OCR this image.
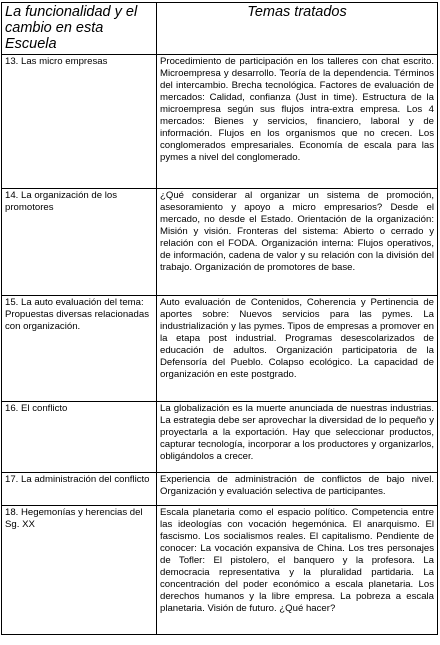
La funcionalidad y el cambio en esta Escuela	Temas tratados
13. Las micro empresas	Procedimiento de participación en los talleres con chat escrito. Microempresa y desarrollo. Teoría de la dependencia. Términos del intercambio. Brecha tecnológica. Factores de evaluación de mercados: Calidad, confianza (Just in time). Estructura de la microempresa según sus flujos intra-extra empresa. Los 4 mercados: Bienes y servicios, financiero, laboral y de información. Flujos en los organismos que no crecen. Los conglomerados empresariales. Economía de escala para las pymes a nivel del conglomerado.
14. La organización de los promotores	¿Qué considerar al organizar un sistema de promoción, asesoramiento y apoyo a micro empresarios? Desde el mercado, no desde el Estado. Orientación de la organización: Misión y visión. Fronteras del sistema: Abierto o cerrado y relación con el FODA. Organización interna: Flujos operativos, de información, cadena de valor y su relación con la división del trabajo. Organización de promotores de base.
15. La auto evaluación del tema: Propuestas diversas relacionadas con organización.	Auto evaluación de Contenidos, Coherencia y Pertinencia de aportes sobre: Nuevos servicios para las pymes. La industrialización y las pymes. Tipos de empresas a promover en la etapa post industrial. Programas desescolarizados de educación de adultos. Organización participatoria de la Defensoría del Pueblo. Colapso ecológico. La capacidad de organización en este postgrado.
16. El conflicto	La globalización es la muerte anunciada de nuestras industrias. La estrategia debe ser aprovechar la diversidad de lo pequeño y proyectarla a la exportación. Hay que seleccionar productos, capturar tecnología, incorporar a los productores y organizarlos, obligándolos a crecer.
17. La administración del conflicto	Experiencia de administración de conflictos de bajo nivel. Organización y evaluación selectiva de participantes.
18. Hegemonías y herencias del Sg. XX	Escala planetaria como el espacio político. Competencia entre las ideologías con vocación hegemónica. El anarquismo. El fascismo. Los socialismos reales. El capitalismo. Pendiente de conocer: La vocación expansiva de China. Los tres personajes de Tofler: El pistolero, el banquero y la profesora. La democracia representativa y la pluralidad partidaria. La concentración del poder económico a escala planetaria. Los derechos humanos y la libre empresa. La pobreza a escala planetaria. Visión de futuro. ¿Qué hacer?
